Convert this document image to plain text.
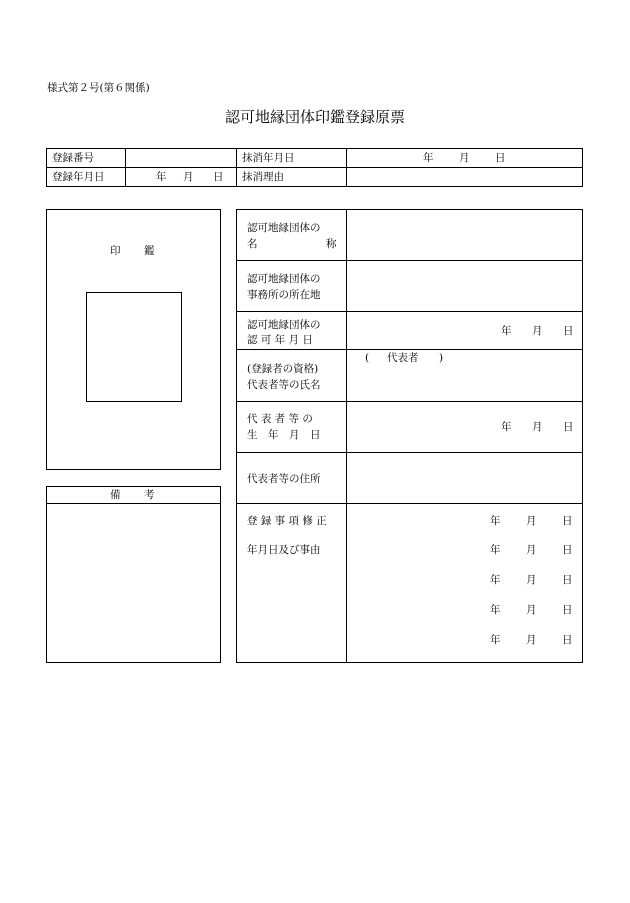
様式第２号(第６関係)
認可地縁団体印鑑登録原票
登録番号
登録年月日
抹消年月日
抹消理由
年 月 日
年 月 日
印 鑑
備 考
認可地縁団体の
名	称
認可地縁団体の
事務所の所在地
認可地縁団体の
認 可 年 月 日
年 月 日
(登録者の資格)
代表者等の氏名
( 代表者 )
代 表 者 等 の
生　年　月　日
年 月 日
代表者等の住所
登 録 事 項 修 正
年月日及び事由
年 月 日
年 月 日
年 月 日
年 月 日
年 月 日
